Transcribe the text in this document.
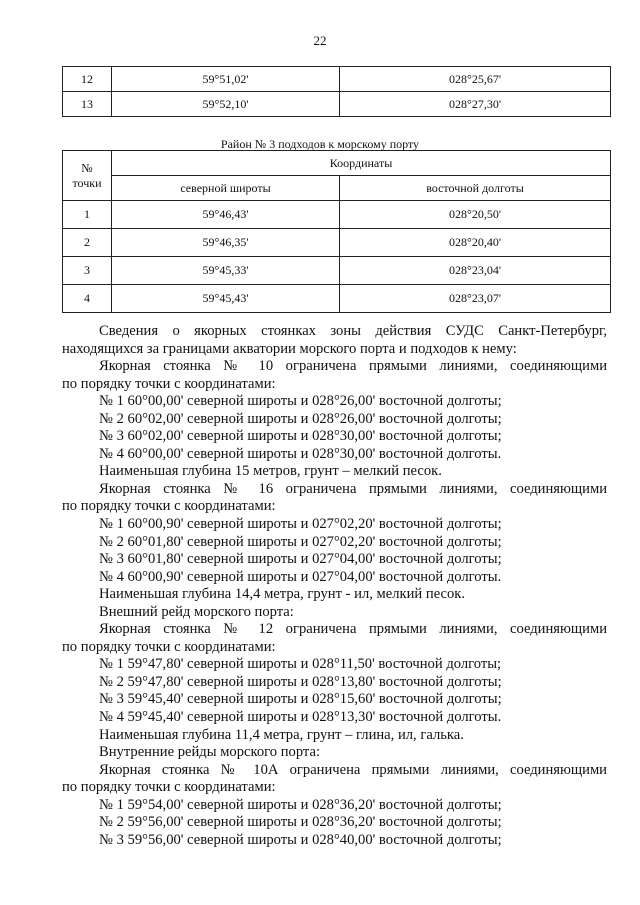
22
12	59°51,02'	028°25,67'
13	59°52,10'	028°27,30'
Район № 3 подходов к морскому порту
№
точки	Координаты	
	северной широты	восточной долготы
1	59°46,43'	028°20,50'
2	59°46,35'	028°20,40'
3	59°45,33'	028°23,04'
4	59°45,43'	028°23,07'

Сведения о якорных стоянках зоны действия СУДС Санкт-Петербург,

находящихся за границами акватории морского порта и подходов к нему:

Якорная стоянка № 10 ограничена прямыми линиями, соединяющими

по порядку точки с координатами:

№ 1 60°00,00' северной широты и 028°26,00' восточной долготы;

№ 2 60°02,00' северной широты и 028°26,00' восточной долготы;

№ 3 60°02,00' северной широты и 028°30,00' восточной долготы;

№ 4 60°00,00' северной широты и 028°30,00' восточной долготы.

Наименьшая глубина 15 метров, грунт – мелкий песок.

Якорная стоянка № 16 ограничена прямыми линиями, соединяющими

по порядку точки с координатами:

№ 1 60°00,90' северной широты и 027°02,20' восточной долготы;

№ 2 60°01,80' северной широты и 027°02,20' восточной долготы;

№ 3 60°01,80' северной широты и 027°04,00' восточной долготы;

№ 4 60°00,90' северной широты и 027°04,00' восточной долготы.

Наименьшая глубина 14,4 метра, грунт - ил, мелкий песок.

Внешний рейд морского порта:

Якорная стоянка № 12 ограничена прямыми линиями, соединяющими

по порядку точки с координатами:

№ 1 59°47,80' северной широты и 028°11,50' восточной долготы;

№ 2 59°47,80' северной широты и 028°13,80' восточной долготы;

№ 3 59°45,40' северной широты и 028°15,60' восточной долготы;

№ 4 59°45,40' северной широты и 028°13,30' восточной долготы.

Наименьшая глубина 11,4 метра, грунт – глина, ил, галька.

Внутренние рейды морского порта:

Якорная стоянка № 10А ограничена прямыми линиями, соединяющими

по порядку точки с координатами:

№ 1 59°54,00' северной широты и 028°36,20' восточной долготы;

№ 2 59°56,00' северной широты и 028°36,20' восточной долготы;

№ 3 59°56,00' северной широты и 028°40,00' восточной долготы;
